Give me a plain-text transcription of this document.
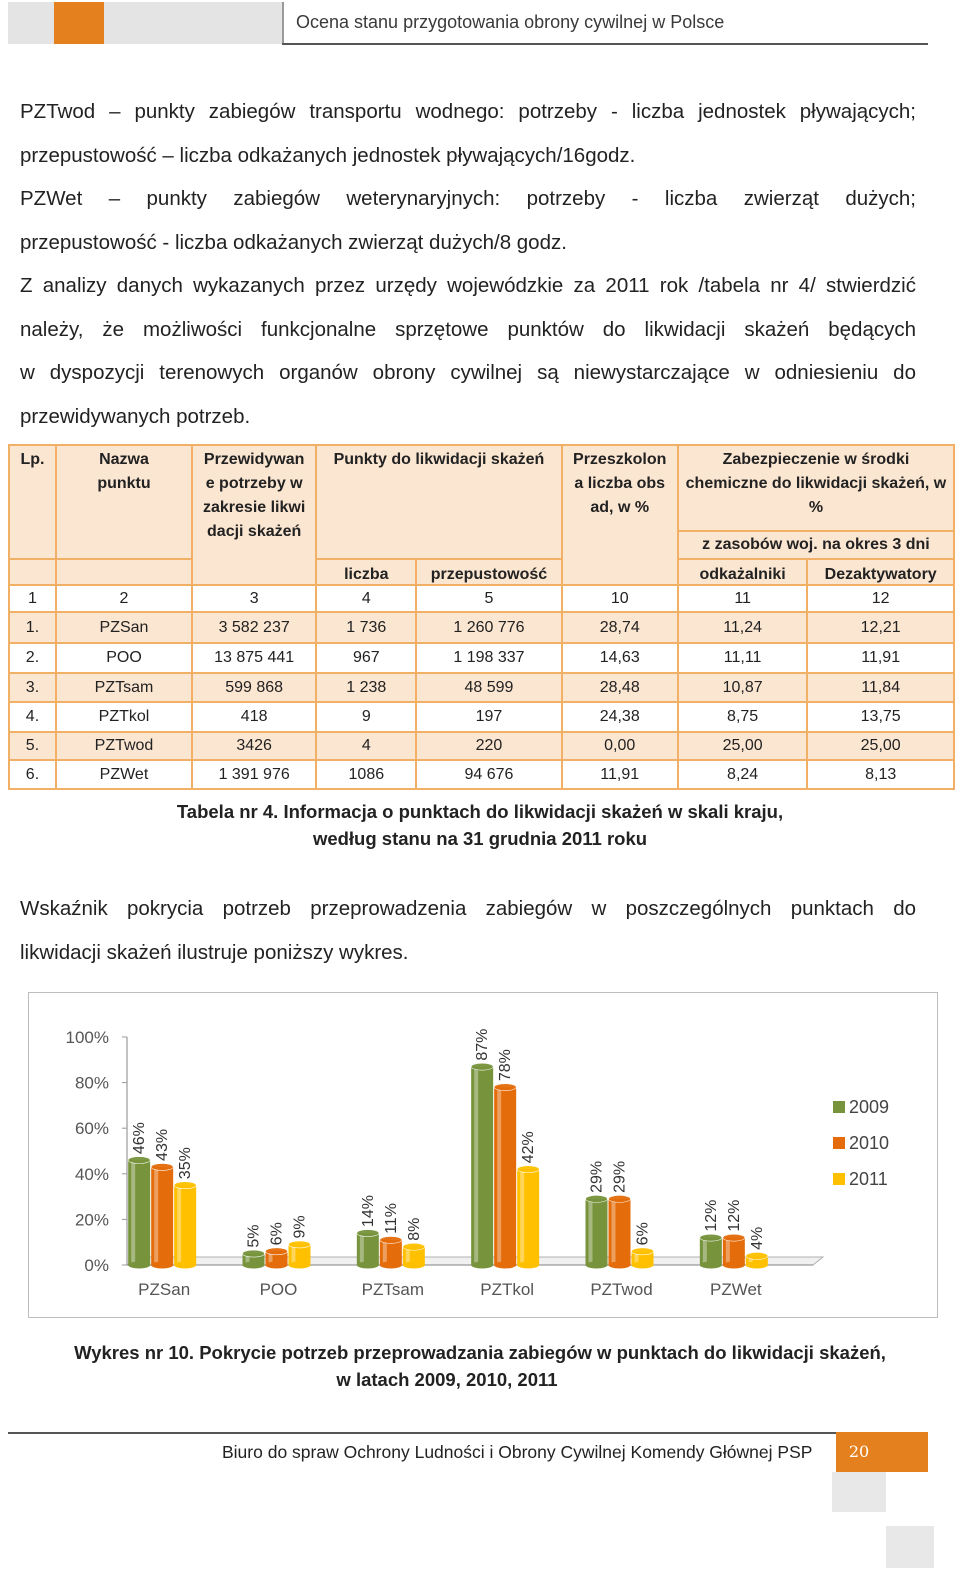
Ocena stanu przygotowania obrony cywilnej w Polsce

PZTwod – punkty zabiegów transportu wodnego: potrzeby - liczba jednostek pływających;

przepustowość – liczba odkażanych jednostek pływających/16godz.

PZWet – punkty zabiegów weterynaryjnych: potrzeby - liczba zwierząt dużych;

przepustowość - liczba odkażanych zwierząt dużych/8 godz.

Z analizy danych wykazanych przez urzędy wojewódzkie za 2011 rok /tabela nr 4/ stwierdzić

należy, że możliwości funkcjonalne sprzętowe punktów do likwidacji skażeń będących

w dyspozycji terenowych organów obrony cywilnej są niewystarczające w odniesieniu do

przewidywanych potrzeb.

Lp.	Nazwa punktu	Przewidywane potrzeby w zakresie likwidacji skażeń	Punkty do likwidacji skażeń		Przeszkolona liczba obsad, w %	Zabezpieczenie w środki chemiczne do likwidacji skażeń, w %	
						z zasobów woj. na okres 3 dni	
			liczba	przepustowość		odkażalniki	Dezaktywatory
1	2	3	4	5	10	11	12
1.	PZSan	3 582 237	1 736	1 260 776	28,74	11,24	12,21
2.	POO	13 875 441	967	1 198 337	14,63	11,11	11,91
3.	PZTsam	599 868	1 238	48 599	28,48	10,87	11,84
4.	PZTkol	418	9	197	24,38	8,75	13,75
5.	PZTwod	3426	4	220	0,00	25,00	25,00
6.	PZWet	1 391 976	1086	94 676	11,91	8,24	8,13
Tabela nr 4. Informacja o punktach do likwidacji skażeń w skali kraju,
według stanu na 31 grudnia 2011 roku

Wskaźnik pokrycia potrzeb przeprowadzenia zabiegów w poszczególnych punktach do

likwidacji skażeń ilustruje poniższy wykres.

0%
20%
40%
60%
80%
100%
PZSan
46% 43%
35%
POO
5% 6% 9%
PZTsam
14% 11% 8%
PZTkol
87%
78%
42%
PZTwod
29% 29%
6%
PZWet
12% 12%
4%
2009
2010
2011
Wykres nr 10. Pokrycie potrzeb przeprowadzania zabiegów w punktach do likwidacji skażeń,
w latach 2009, 2010, 2011
Biuro do spraw Ochrony Ludności i Obrony Cywilnej Komendy Głównej PSP	20
